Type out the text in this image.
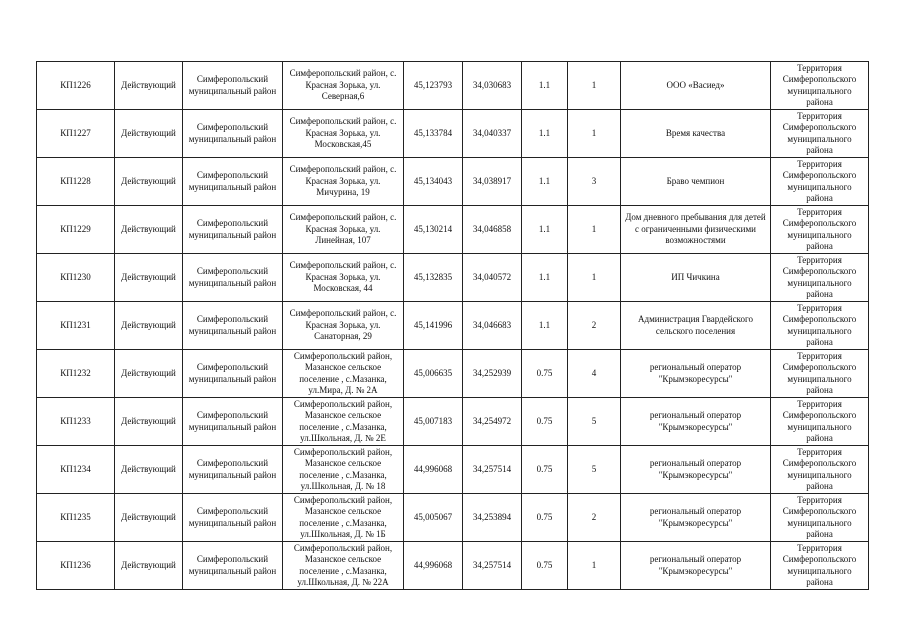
КП1226	Действующий	Симферопольский муниципальный район	Симферопольский район, с. Красная Зорька, ул. Северная,6	45,123793	34,030683	1.1	1	ООО «Васиед»	Территория Симферопольского муниципального района
КП1227	Действующий	Симферопольский муниципальный район	Симферопольский район, с. Красная Зорька, ул. Московская,45	45,133784	34,040337	1.1	1	Время качества	Территория Симферопольского муниципального района
КП1228	Действующий	Симферопольский муниципальный район	Симферопольский район, с. Красная Зорька, ул. Мичурина, 19	45,134043	34,038917	1.1	3	Браво чемпион	Территория Симферопольского муниципального района
КП1229	Действующий	Симферопольский муниципальный район	Симферопольский район, с. Красная Зорька, ул. Линейная, 107	45,130214	34,046858	1.1	1	Дом дневного пребывания для детей с ограниченными физическими возможностями	Территория Симферопольского муниципального района
КП1230	Действующий	Симферопольский муниципальный район	Симферопольский район, с. Красная Зорька, ул. Московская, 44	45,132835	34,040572	1.1	1	ИП Чичкина	Территория Симферопольского муниципального района
КП1231	Действующий	Симферопольский муниципальный район	Симферопольский район, с. Красная Зорька, ул. Санаторная, 29	45,141996	34,046683	1.1	2	Администрация Гвардейского сельского поселения	Территория Симферопольского муниципального района
КП1232	Действующий	Симферопольский муниципальный район	Симферопольский район, Мазанское сельское поселение , с.Мазанка, ул.Мира, Д. № 2А	45,006635	34,252939	0.75	4	региональный оператор "Крымэкоресурсы"	Территория Симферопольского муниципального района
КП1233	Действующий	Симферопольский муниципальный район	Симферопольский район, Мазанское сельское поселение , с.Мазанка, ул.Школьная, Д. № 2Е	45,007183	34,254972	0.75	5	региональный оператор "Крымэкоресурсы"	Территория Симферопольского муниципального района
КП1234	Действующий	Симферопольский муниципальный район	Симферопольский район, Мазанское сельское поселение , с.Мазанка, ул.Школьная, Д. № 18	44,996068	34,257514	0.75	5	региональный оператор "Крымэкоресурсы"	Территория Симферопольского муниципального района
КП1235	Действующий	Симферопольский муниципальный район	Симферопольский район, Мазанское сельское поселение , с.Мазанка, ул.Школьная, Д. № 1Б	45,005067	34,253894	0.75	2	региональный оператор "Крымэкоресурсы"	Территория Симферопольского муниципального района
КП1236	Действующий	Симферопольский муниципальный район	Симферопольский район, Мазанское сельское поселение , с.Мазанка, ул.Школьная, Д. № 22А	44,996068	34,257514	0.75	1	региональный оператор "Крымэкоресурсы"	Территория Симферопольского муниципального района
